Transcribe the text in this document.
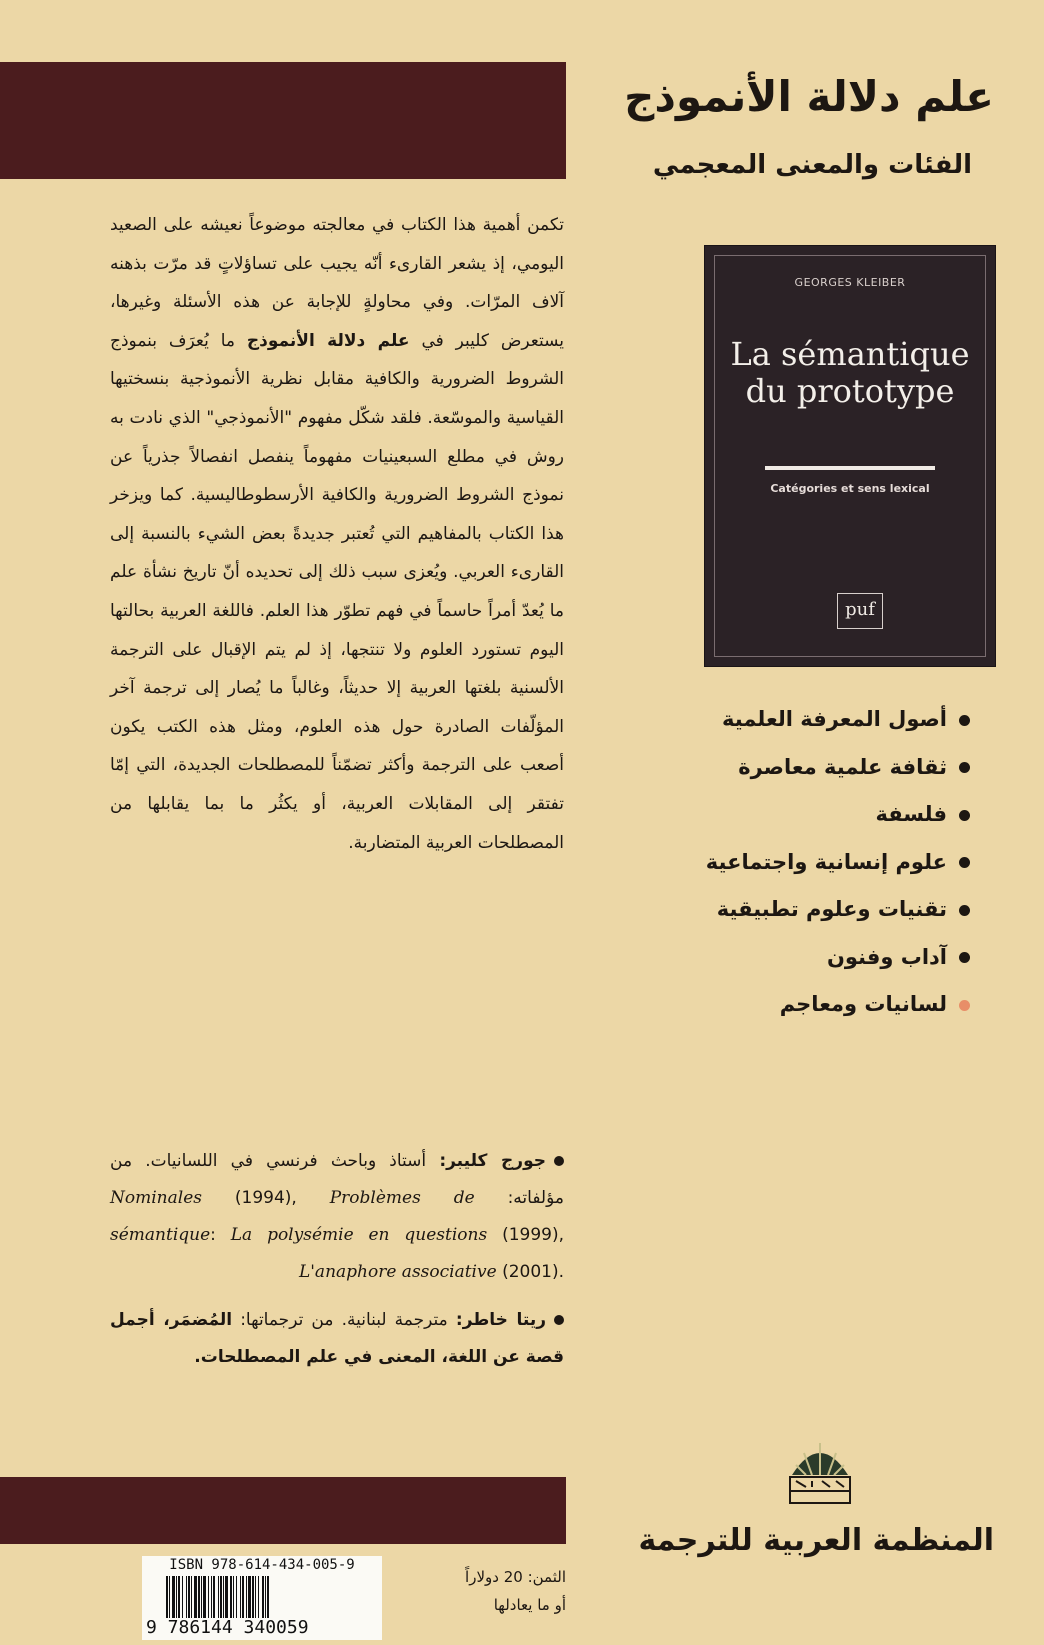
علم دلالة الأنموذج
الفئات والمعنى المعجمي
GEORGES KLEIBER
La sémantique du prototype
Catégories et sens lexical
puf
أصول المعرفة العلمية
ثقافة علمية معاصرة
فلسفة
علوم إنسانية واجتماعية
تقنيات وعلوم تطبيقية
آداب وفنون
لسانيات ومعاجم
تكمن أهمية هذا الكتاب في معالجته موضوعاً نعيشه على الصعيد اليومي، إذ يشعر القارىء أنّه يجيب على تساؤلاتٍ قد مرّت بذهنه آلاف المرّات. وفي محاولةٍ للإجابة عن هذه الأسئلة وغيرها، يستعرض كليبر في علم دلالة الأنموذج ما يُعرَف بنموذج الشروط الضرورية والكافية مقابل نظرية الأنموذجية بنسختيها القياسية والموسّعة. فلقد شكّل مفهوم "الأنموذجي" الذي نادت به روش في مطلع السبعينيات مفهوماً ينفصل انفصالاً جذرياً عن نموذج الشروط الضرورية والكافية الأرسطوطاليسية. كما ويزخر هذا الكتاب بالمفاهيم التي تُعتبر جديدةً بعض الشيء بالنسبة إلى القارىء العربي. ويُعزى سبب ذلك إلى تحديده أنّ تاريخ نشأة علم ما يُعدّ أمراً حاسماً في فهم تطوّر هذا العلم. فاللغة العربية بحالتها اليوم تستورد العلوم ولا تنتجها، إذ لم يتم الإقبال على الترجمة الألسنية بلغتها العربية إلا حديثاً، وغالباً ما يُصار إلى ترجمة آخر المؤلّفات الصادرة حول هذه العلوم، ومثل هذه الكتب يكون أصعب على الترجمة وأكثر تضمّناً للمصطلحات الجديدة، التي إمّا تفتقر إلى المقابلات العربية، أو يكثُر ما بما يقابلها من المصطلحات العربية المتضاربة.
جورج كليبر: أستاذ وباحث فرنسي في اللسانيات. من مؤلفاته: Nominales (1994), Problèmes de sémantique: La polysémie en questions (1999), L'anaphore associative (2001).
ريتا خاطر: مترجمة لبنانية. من ترجماتها: المُضمَر، أجمل قصة عن اللغة، المعنى في علم المصطلحات.
المنظمة العربية للترجمة
ISBN 978-614-434-005-9
9 786144 340059
الثمن: 20 دولاراً
أو ما يعادلها
